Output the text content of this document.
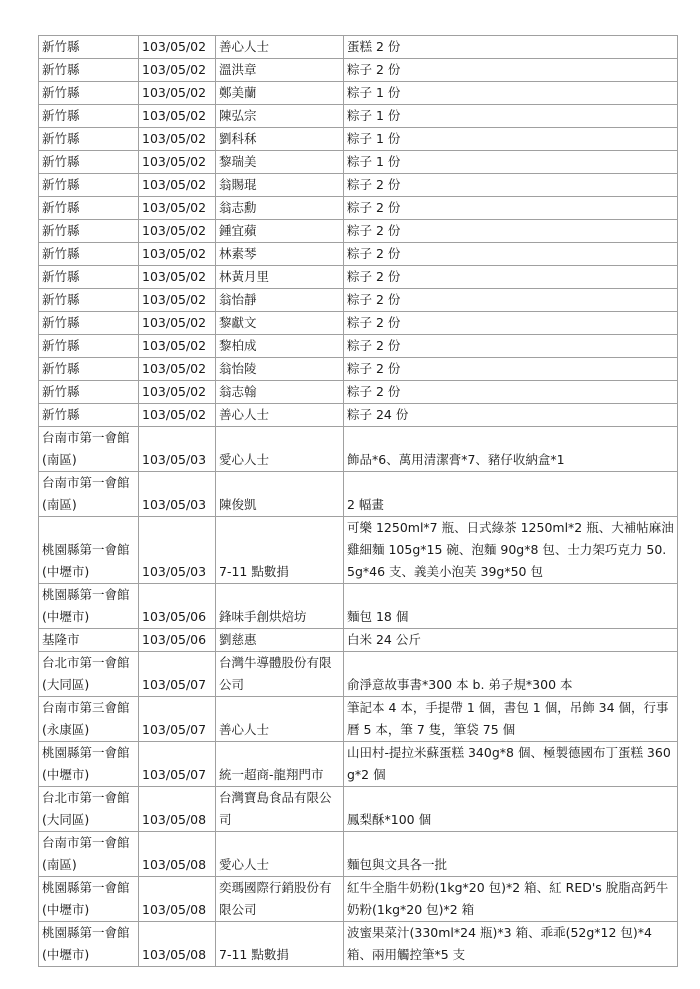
新竹縣	103/05/02	善心人士	蛋糕 2 份
新竹縣	103/05/02	溫洪章	粽子 2 份
新竹縣	103/05/02	鄭美蘭	粽子 1 份
新竹縣	103/05/02	陳弘宗	粽子 1 份
新竹縣	103/05/02	劉科秝	粽子 1 份
新竹縣	103/05/02	黎瑞美	粽子 1 份
新竹縣	103/05/02	翁賜琨	粽子 2 份
新竹縣	103/05/02	翁志勳	粽子 2 份
新竹縣	103/05/02	鍾宜蘋	粽子 2 份
新竹縣	103/05/02	林素琴	粽子 2 份
新竹縣	103/05/02	林黃月里	粽子 2 份
新竹縣	103/05/02	翁怡靜	粽子 2 份
新竹縣	103/05/02	黎獻文	粽子 2 份
新竹縣	103/05/02	黎柏成	粽子 2 份
新竹縣	103/05/02	翁怡陵	粽子 2 份
新竹縣	103/05/02	翁志翰	粽子 2 份
新竹縣	103/05/02	善心人士	粽子 24 份
台南市第一會館(南區)	103/05/03	愛心人士	飾品*6、萬用清潔膏*7、豬仔收納盒*1
台南市第一會館(南區)	103/05/03	陳俊凱	2 幅畫
桃園縣第一會館(中壢市)	103/05/03	7-11 點數捐	可樂 1250ml*7 瓶、日式綠茶 1250ml*2 瓶、大補帖麻油雞細麵 105g*15 碗、泡麵 90g*8 包、士力架巧克力 50.5g*46 支、義美小泡芙 39g*50 包
桃園縣第一會館(中壢市)	103/05/06	鋒味手創烘焙坊	麵包 18 個
基隆市	103/05/06	劉慈惠	白米 24 公斤
台北市第一會館(大同區)	103/05/07	台灣牛導體股份有限公司	俞淨意故事書*300 本 b. 弟子規*300 本
台南市第三會館(永康區)	103/05/07	善心人士	筆記本 4 本，手提帶 1 個，書包 1 個，吊飾 34 個，行事曆 5 本，筆 7 隻，筆袋 75 個
桃園縣第一會館(中壢市)	103/05/07	統一超商-龍翔門市	山田村-提拉米蘇蛋糕 340g*8 個、極製德國布丁蛋糕 360g*2 個
台北市第一會館(大同區)	103/05/08	台灣寶島食品有限公司	鳳梨酥*100 個
台南市第一會館(南區)	103/05/08	愛心人士	麵包與文具各一批
桃園縣第一會館(中壢市)	103/05/08	奕瑪國際行銷股份有限公司	紅牛全脂牛奶粉(1kg*20 包)*2 箱、紅 RED's 脫脂高鈣牛奶粉(1kg*20 包)*2 箱
桃園縣第一會館(中壢市)	103/05/08	7-11 點數捐	波蜜果菜汁(330ml*24 瓶)*3 箱、乖乖(52g*12 包)*4 箱、兩用觸控筆*5 支
